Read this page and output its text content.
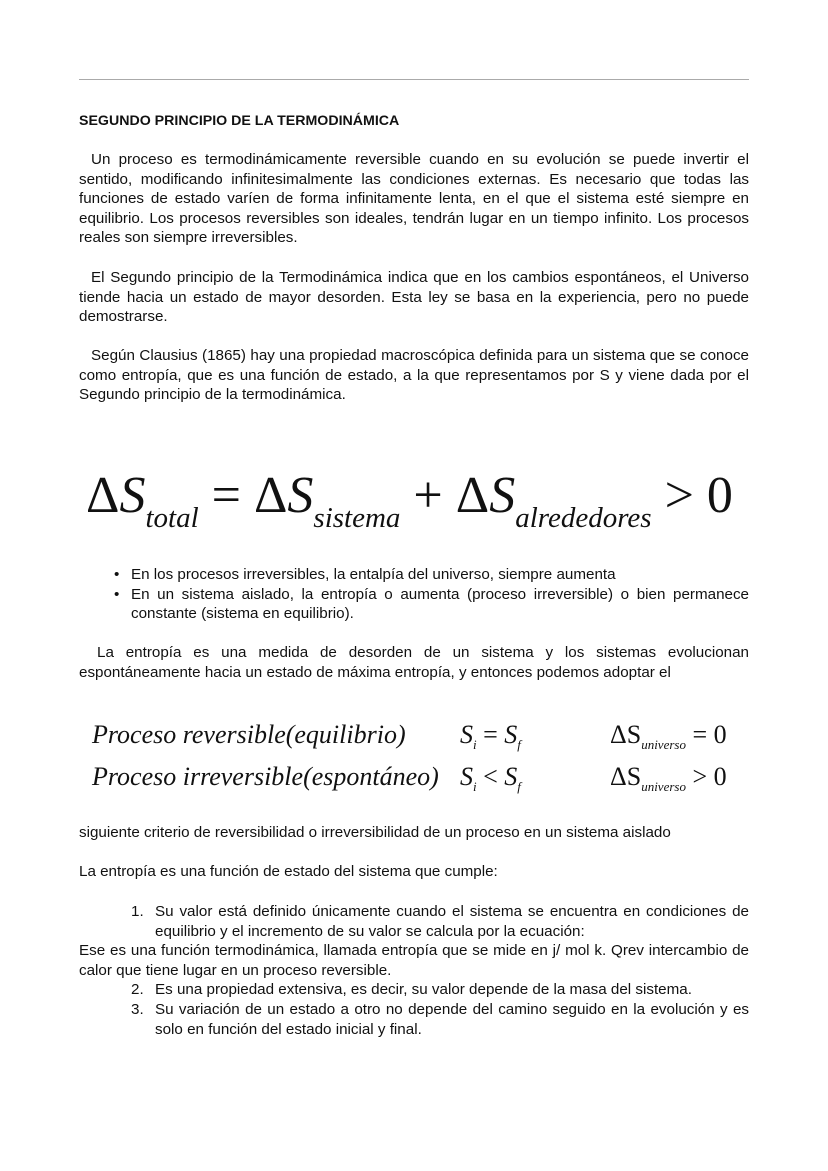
SEGUNDO PRINCIPIO DE LA TERMODINÁMICA
Un proceso es termodinámicamente reversible cuando en su evolución se puede invertir el sentido, modificando infinitesimalmente las condiciones externas. Es necesario que todas las funciones de estado varíen de forma infinitamente lenta, en el que el sistema esté siempre en equilibrio. Los procesos reversibles son ideales, tendrán lugar en un tiempo infinito. Los procesos reales son siempre irreversibles.
El Segundo principio de la Termodinámica indica que en los cambios espontáneos, el Universo tiende hacia un estado de mayor desorden. Esta ley se basa en la experiencia, pero no puede demostrarse.
Según Clausius (1865) hay una propiedad macroscópica definida para un sistema que se conoce como entropía, que es una función de estado, a la que representamos por S y viene dada por el Segundo principio de la termodinámica.
$\Delta S_{total} = \Delta S_{sistema} + \Delta S_{alrededores} > 0$
• En los procesos irreversibles, la entalpía del universo, siempre aumenta
• En un sistema aislado, la entropía o aumenta (proceso irreversible) o bien permanece constante (sistema en equilibrio).
La entropía es una medida de desorden de un sistema y los sistemas evolucionan espontáneamente hacia un estado de máxima entropía, y entonces podemos adoptar el
Proceso reversible(equilibrio) $S_i = S_f$	$\Delta S_{universo} = 0$
Proceso irreversible(espontáneo) $S_i < S_f$	$\Delta S_{universo} > 0$
siguiente criterio de reversibilidad o irreversibilidad de un proceso en un sistema aislado
La entropía es una función de estado del sistema que cumple:
1. Su valor está definido únicamente cuando el sistema se encuentra en condiciones de equilibrio y el incremento de su valor se calcula por la ecuación:
Ese es una función termodinámica, llamada entropía que se mide en j/ mol k. Qrev intercambio de calor que tiene lugar en un proceso reversible.
2. Es una propiedad extensiva, es decir, su valor depende de la masa del sistema.
3. Su variación de un estado a otro no depende del camino seguido en la evolución y es solo en función del estado inicial y final.
